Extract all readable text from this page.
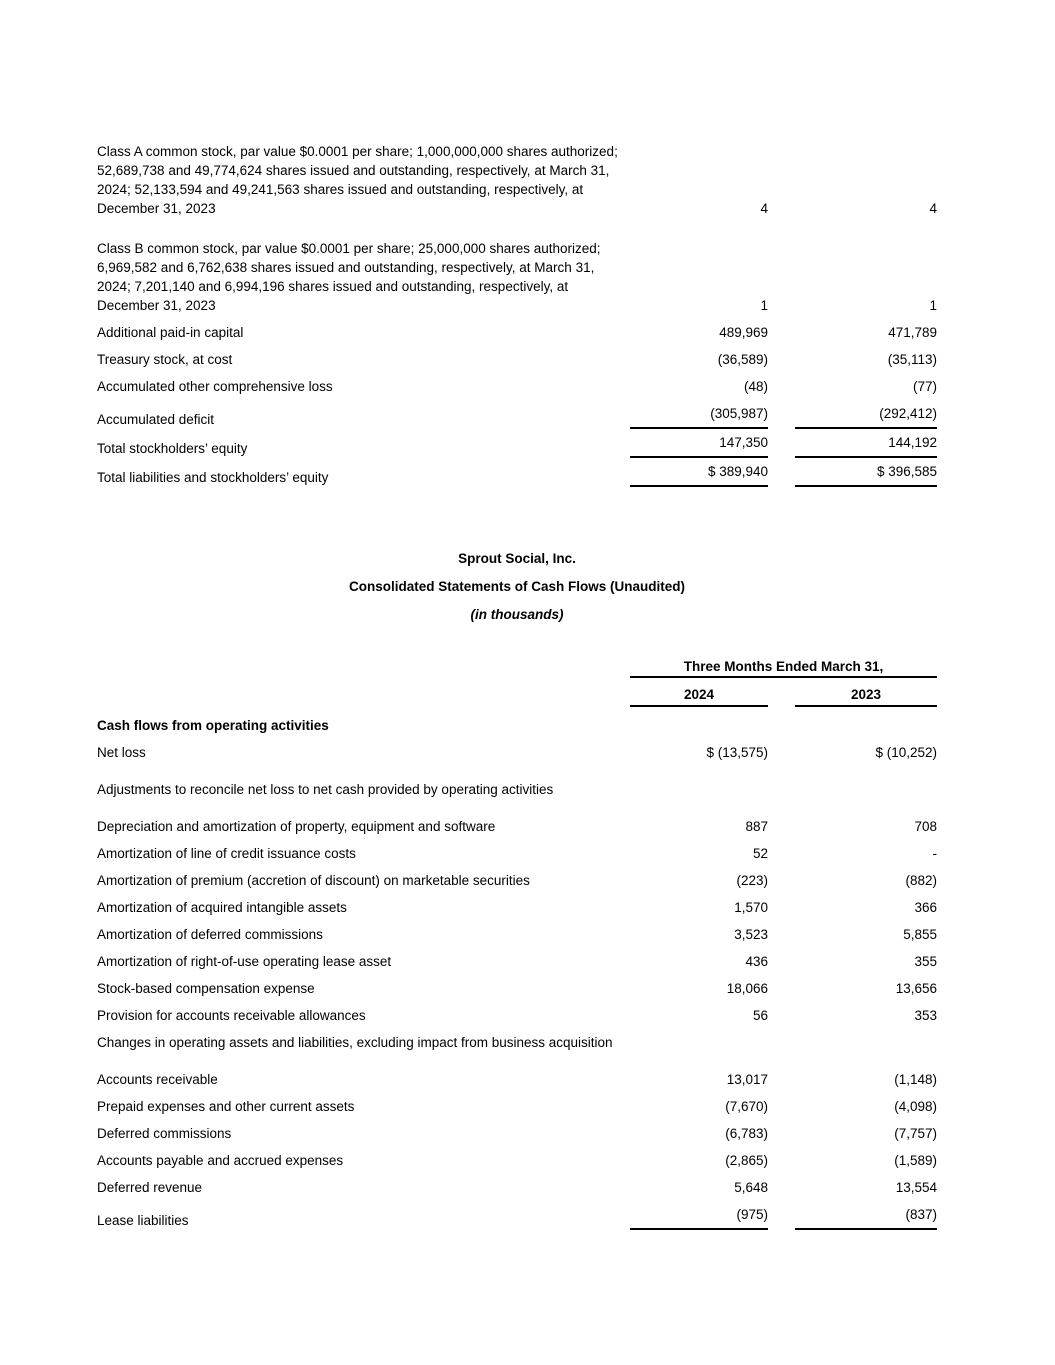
Class A common stock, par value $0.0001 per share; 1,000,000,000 shares authorized; 52,689,738 and 49,774,624 shares issued and outstanding, respectively, at March 31, 2024; 52,133,594 and 49,241,563 shares issued and outstanding, respectively, at December 31, 2023	4	4
Class B common stock, par value $0.0001 per share; 25,000,000 shares authorized; 6,969,582 and 6,762,638 shares issued and outstanding, respectively, at March 31, 2024; 7,201,140 and 6,994,196 shares issued and outstanding, respectively, at December 31, 2023	1	1
Additional paid-in capital	489,969	471,789
Treasury stock, at cost	(36,589)	(35,113)
Accumulated other comprehensive loss	(48)	(77)
Accumulated deficit	(305,987)	(292,412)
Total stockholders’ equity	147,350	144,192
Total liabilities and stockholders’ equity	$ 389,940	$ 396,585
Sprout Social, Inc.
Consolidated Statements of Cash Flows (Unaudited)
(in thousands)
Three Months Ended March 31,
2024	2023
Cash flows from operating activities
Net loss	$ (13,575)	$ (10,252)
Adjustments to reconcile net loss to net cash provided by operating activities
Depreciation and amortization of property, equipment and software	887	708
Amortization of line of credit issuance costs	52	-
Amortization of premium (accretion of discount) on marketable securities	(223)	(882)
Amortization of acquired intangible assets	1,570	366
Amortization of deferred commissions	3,523	5,855
Amortization of right-of-use operating lease asset	436	355
Stock-based compensation expense	18,066	13,656
Provision for accounts receivable allowances	56	353
Changes in operating assets and liabilities, excluding impact from business acquisition
Accounts receivable	13,017	(1,148)
Prepaid expenses and other current assets	(7,670)	(4,098)
Deferred commissions	(6,783)	(7,757)
Accounts payable and accrued expenses	(2,865)	(1,589)
Deferred revenue	5,648	13,554
Lease liabilities	(975)	(837)
